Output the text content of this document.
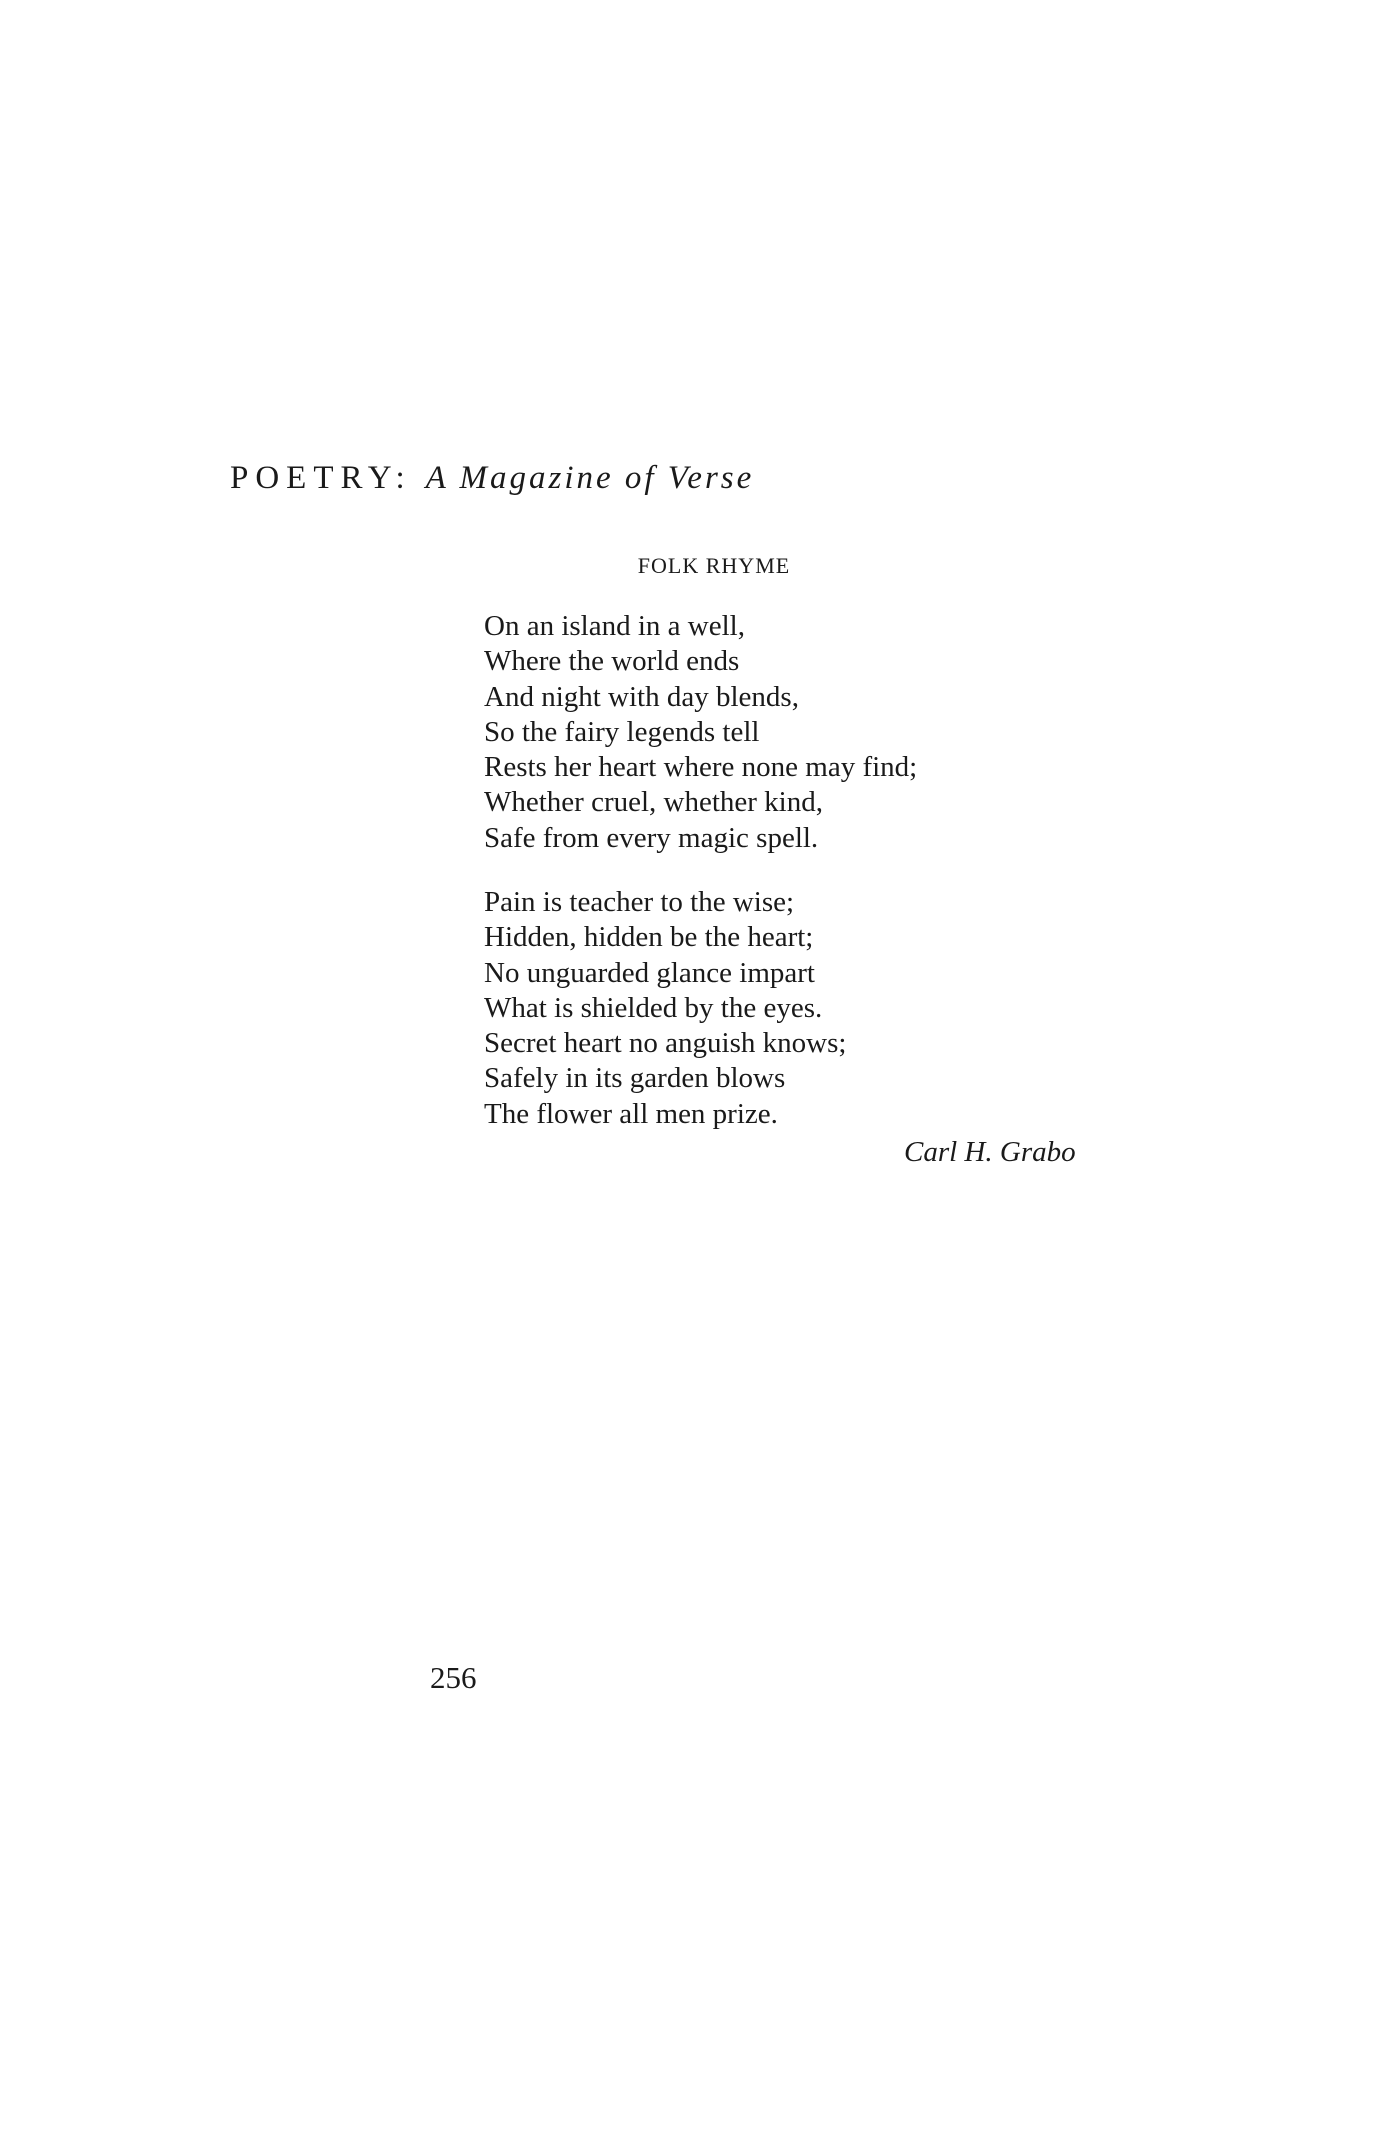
POETRY: A Magazine of Verse
FOLK RHYME
On an island in a well,
Where the world ends
And night with day blends,
So the fairy legends tell
Rests her heart where none may find;
Whether cruel, whether kind,
Safe from every magic spell.
Pain is teacher to the wise;
Hidden, hidden be the heart;
No unguarded glance impart
What is shielded by the eyes.
Secret heart no anguish knows;
Safely in its garden blows
The flower all men prize.
Carl H. Grabo
256
